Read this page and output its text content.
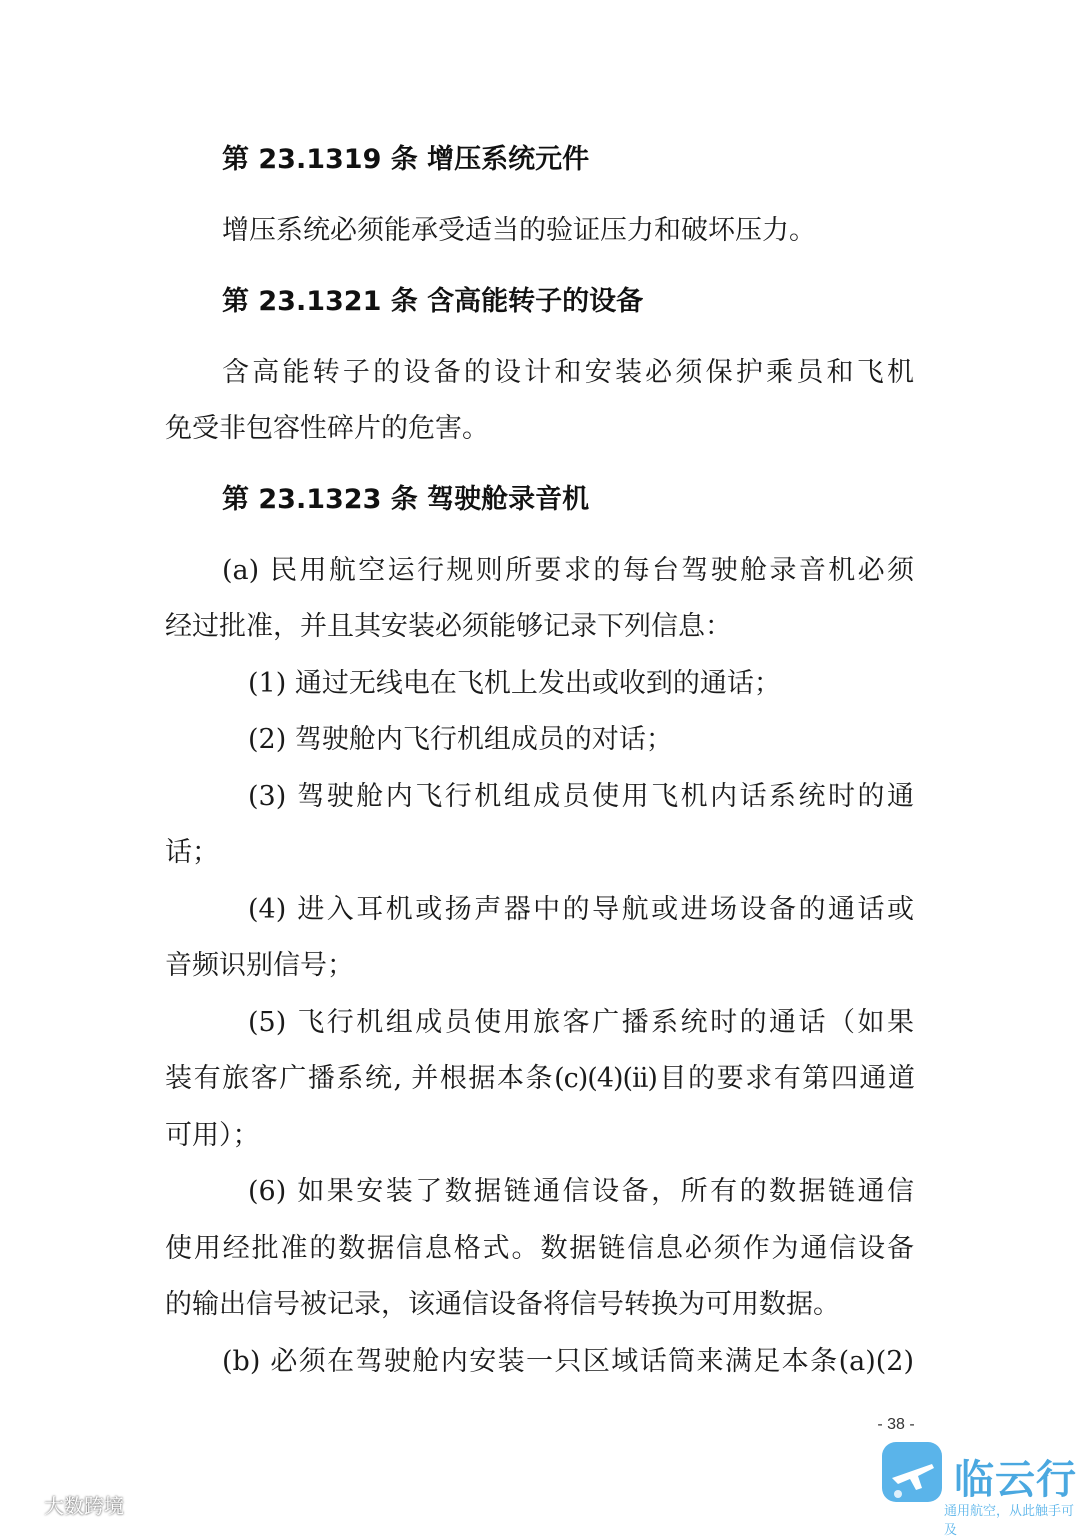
第 23.1319 条 增压系统元件
增压系统必须能承受适当的验证压力和破坏压力。
第 23.1321 条 含高能转子的设备
含高能转子的设备的设计和安装必须保护乘员和飞机
免受非包容性碎片的危害。
第 23.1323 条 驾驶舱录音机
(a) 民用航空运行规则所要求的每台驾驶舱录音机必须
经过批准，并且其安装必须能够记录下列信息：
(1) 通过无线电在飞机上发出或收到的通话；
(2) 驾驶舱内飞行机组成员的对话；
(3) 驾驶舱内飞行机组成员使用飞机内话系统时的通
话；
(4) 进入耳机或扬声器中的导航或进场设备的通话或
音频识别信号；
(5) 飞行机组成员使用旅客广播系统时的通话（如果
装有旅客广播系统, 并根据本条(c)(4)(ii)目的要求有第四通道
可用）；
(6) 如果安装了数据链通信设备，所有的数据链通信
使用经批准的数据信息格式。数据链信息必须作为通信设备
的输出信号被记录，该通信设备将信号转换为可用数据。
(b) 必须在驾驶舱内安装一只区域话筒来满足本条(a)(2)
- 38 -
大数跨境
临云行
通用航空，从此触手可及
